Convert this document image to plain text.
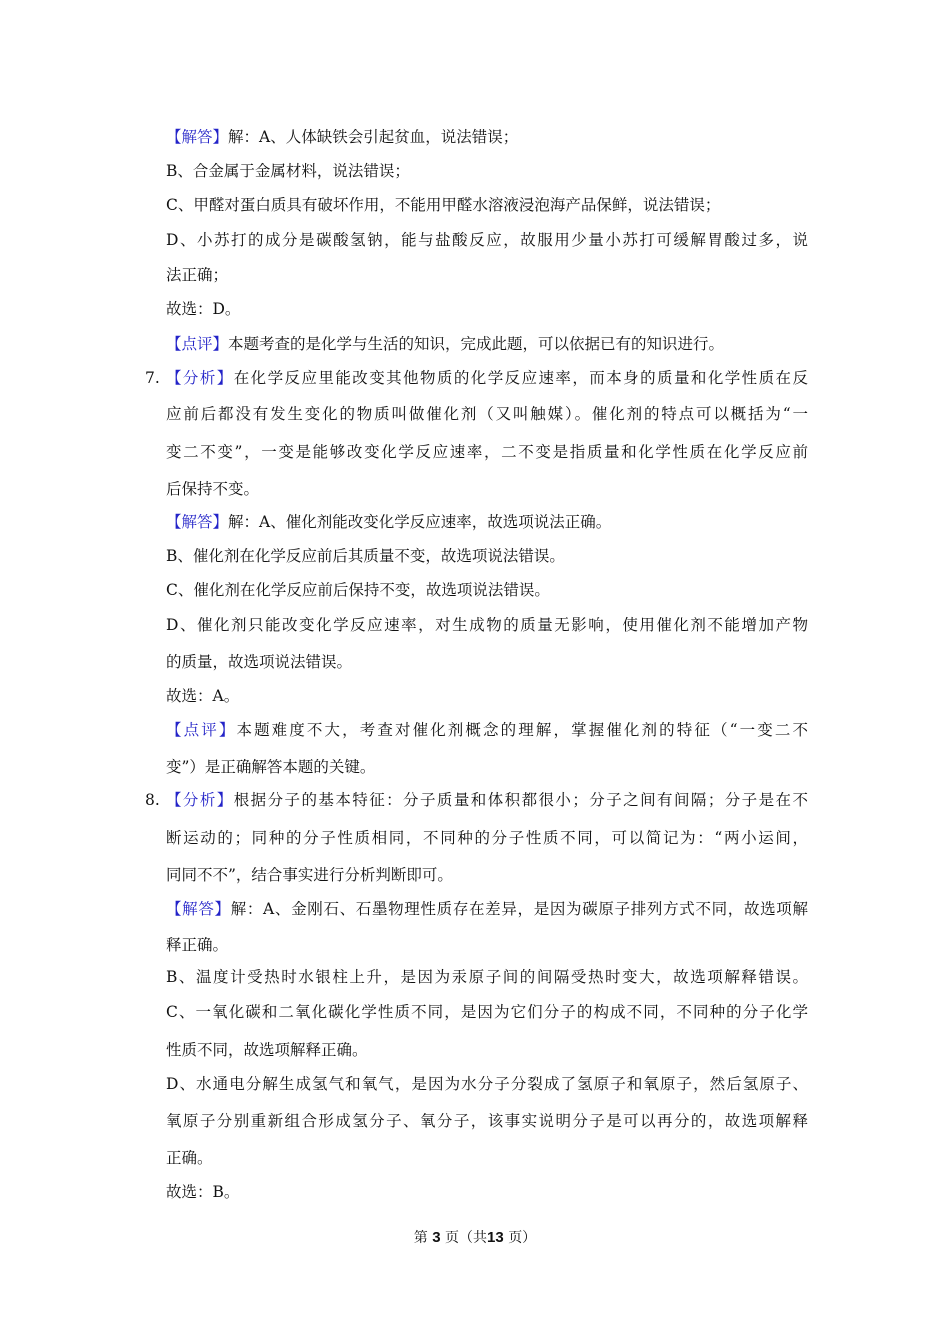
【解答】解：A、人体缺铁会引起贫血，说法错误；
B、合金属于金属材料，说法错误；
C、甲醛对蛋白质具有破坏作用，不能用甲醛水溶液浸泡海产品保鲜，说法错误；
D、小苏打的成分是碳酸氢钠，能与盐酸反应，故服用少量小苏打可缓解胃酸过多，说
法正确；
故选：D。
【点评】本题考查的是化学与生活的知识，完成此题，可以依据已有的知识进行。
7. 【分析】在化学反应里能改变其他物质的化学反应速率，而本身的质量和化学性质在反
应前后都没有发生变化的物质叫做催化剂（又叫触媒）。催化剂的特点可以概括为“一
变二不变”，一变是能够改变化学反应速率，二不变是指质量和化学性质在化学反应前
后保持不变。
【解答】解：A、催化剂能改变化学反应速率，故选项说法正确。
B、催化剂在化学反应前后其质量不变，故选项说法错误。
C、催化剂在化学反应前后保持不变，故选项说法错误。
D、催化剂只能改变化学反应速率，对生成物的质量无影响，使用催化剂不能增加产物
的质量，故选项说法错误。
故选：A。
【点评】本题难度不大，考查对催化剂概念的理解，掌握催化剂的特征（“一变二不
变”）是正确解答本题的关键。
8. 【分析】根据分子的基本特征：分子质量和体积都很小；分子之间有间隔；分子是在不
断运动的；同种的分子性质相同，不同种的分子性质不同，可以简记为：“两小运间，
同同不不”，结合事实进行分析判断即可。
【解答】解：A、金刚石、石墨物理性质存在差异，是因为碳原子排列方式不同，故选项解
释正确。
B、温度计受热时水银柱上升，是因为汞原子间的间隔受热时变大，故选项解释错误。
C、一氧化碳和二氧化碳化学性质不同，是因为它们分子的构成不同，不同种的分子化学
性质不同，故选项解释正确。
D、水通电分解生成氢气和氧气，是因为水分子分裂成了氢原子和氧原子，然后氢原子、
氧原子分别重新组合形成氢分子、氧分子，该事实说明分子是可以再分的，故选项解释
正确。
故选：B。
第 3 页（共13 页）
